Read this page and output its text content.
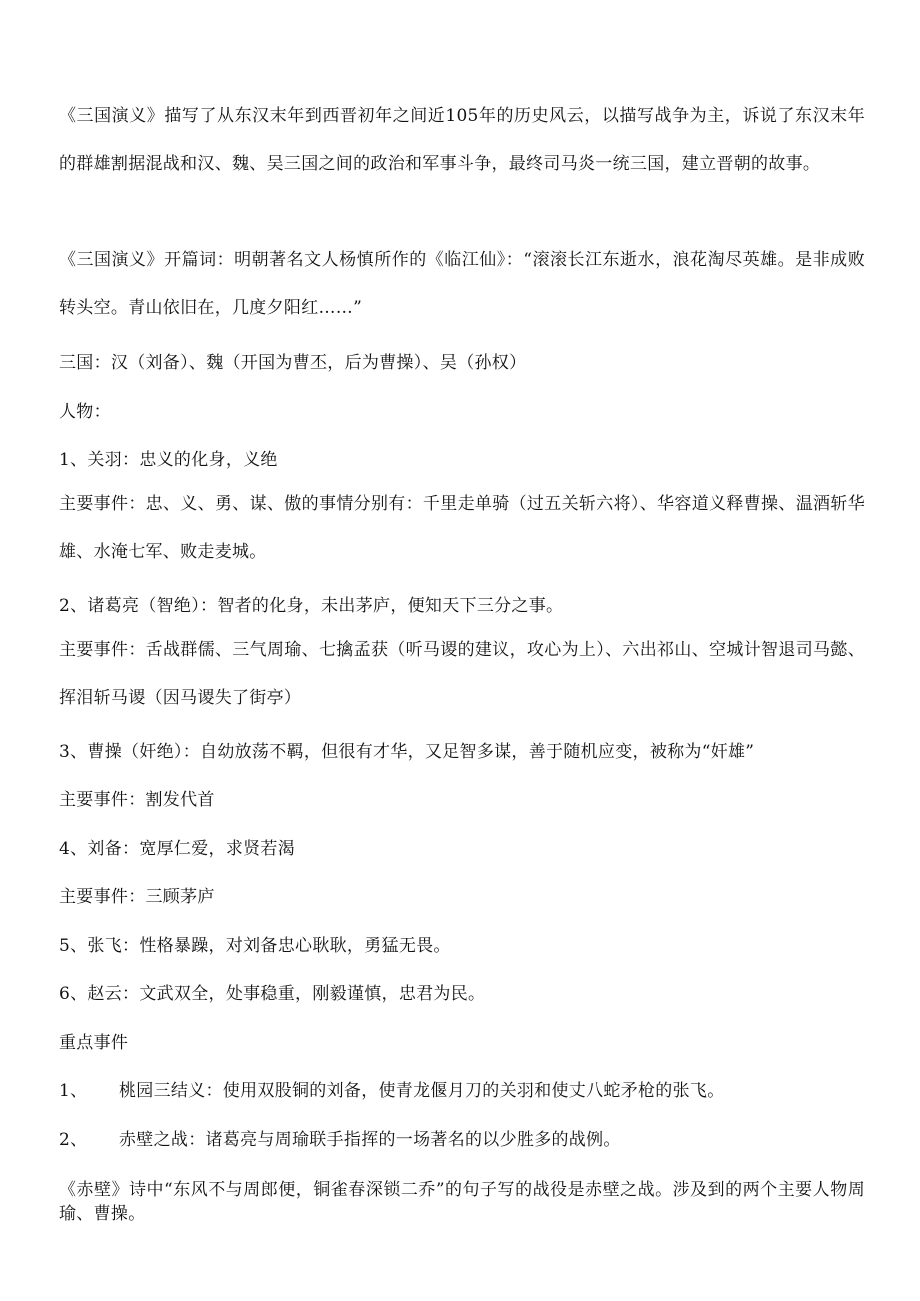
《三国演义》描写了从东汉末年到西晋初年之间近105年的历史风云，以描写战争为主，诉说了东汉末年的群雄割据混战和汉、魏、吴三国之间的政治和军事斗争，最终司马炎一统三国，建立晋朝的故事。

《三国演义》开篇词：明朝著名文人杨慎所作的《临江仙》：“滚滚长江东逝水，浪花淘尽英雄。是非成败转头空。青山依旧在，几度夕阳红……”

三国：汉（刘备）、魏（开国为曹丕，后为曹操）、吴（孙权）

人物：

1、关羽：忠义的化身，义绝

主要事件：忠、义、勇、谋、傲的事情分别有：千里走单骑（过五关斩六将）、华容道义释曹操、温酒斩华雄、水淹七军、败走麦城。

2、诸葛亮（智绝）：智者的化身，未出茅庐，便知天下三分之事。

主要事件：舌战群儒、三气周瑜、七擒孟获（听马谡的建议，攻心为上）、六出祁山、空城计智退司马懿、挥泪斩马谡（因马谡失了街亭）

3、曹操（奸绝）：自幼放荡不羁，但很有才华，又足智多谋，善于随机应变，被称为“奸雄”

主要事件：割发代首

4、刘备：宽厚仁爱，求贤若渴

主要事件：三顾茅庐

5、张飞：性格暴躁，对刘备忠心耿耿，勇猛无畏。

6、赵云：文武双全，处事稳重，刚毅谨慎，忠君为民。

重点事件

1、 桃园三结义：使用双股铜的刘备，使青龙偃月刀的关羽和使丈八蛇矛枪的张飞。

2、 赤壁之战：诸葛亮与周瑜联手指挥的一场著名的以少胜多的战例。

《赤壁》诗中“东风不与周郎便，铜雀春深锁二乔”的句子写的战役是赤壁之战。涉及到的两个主要人物周瑜、曹操。
